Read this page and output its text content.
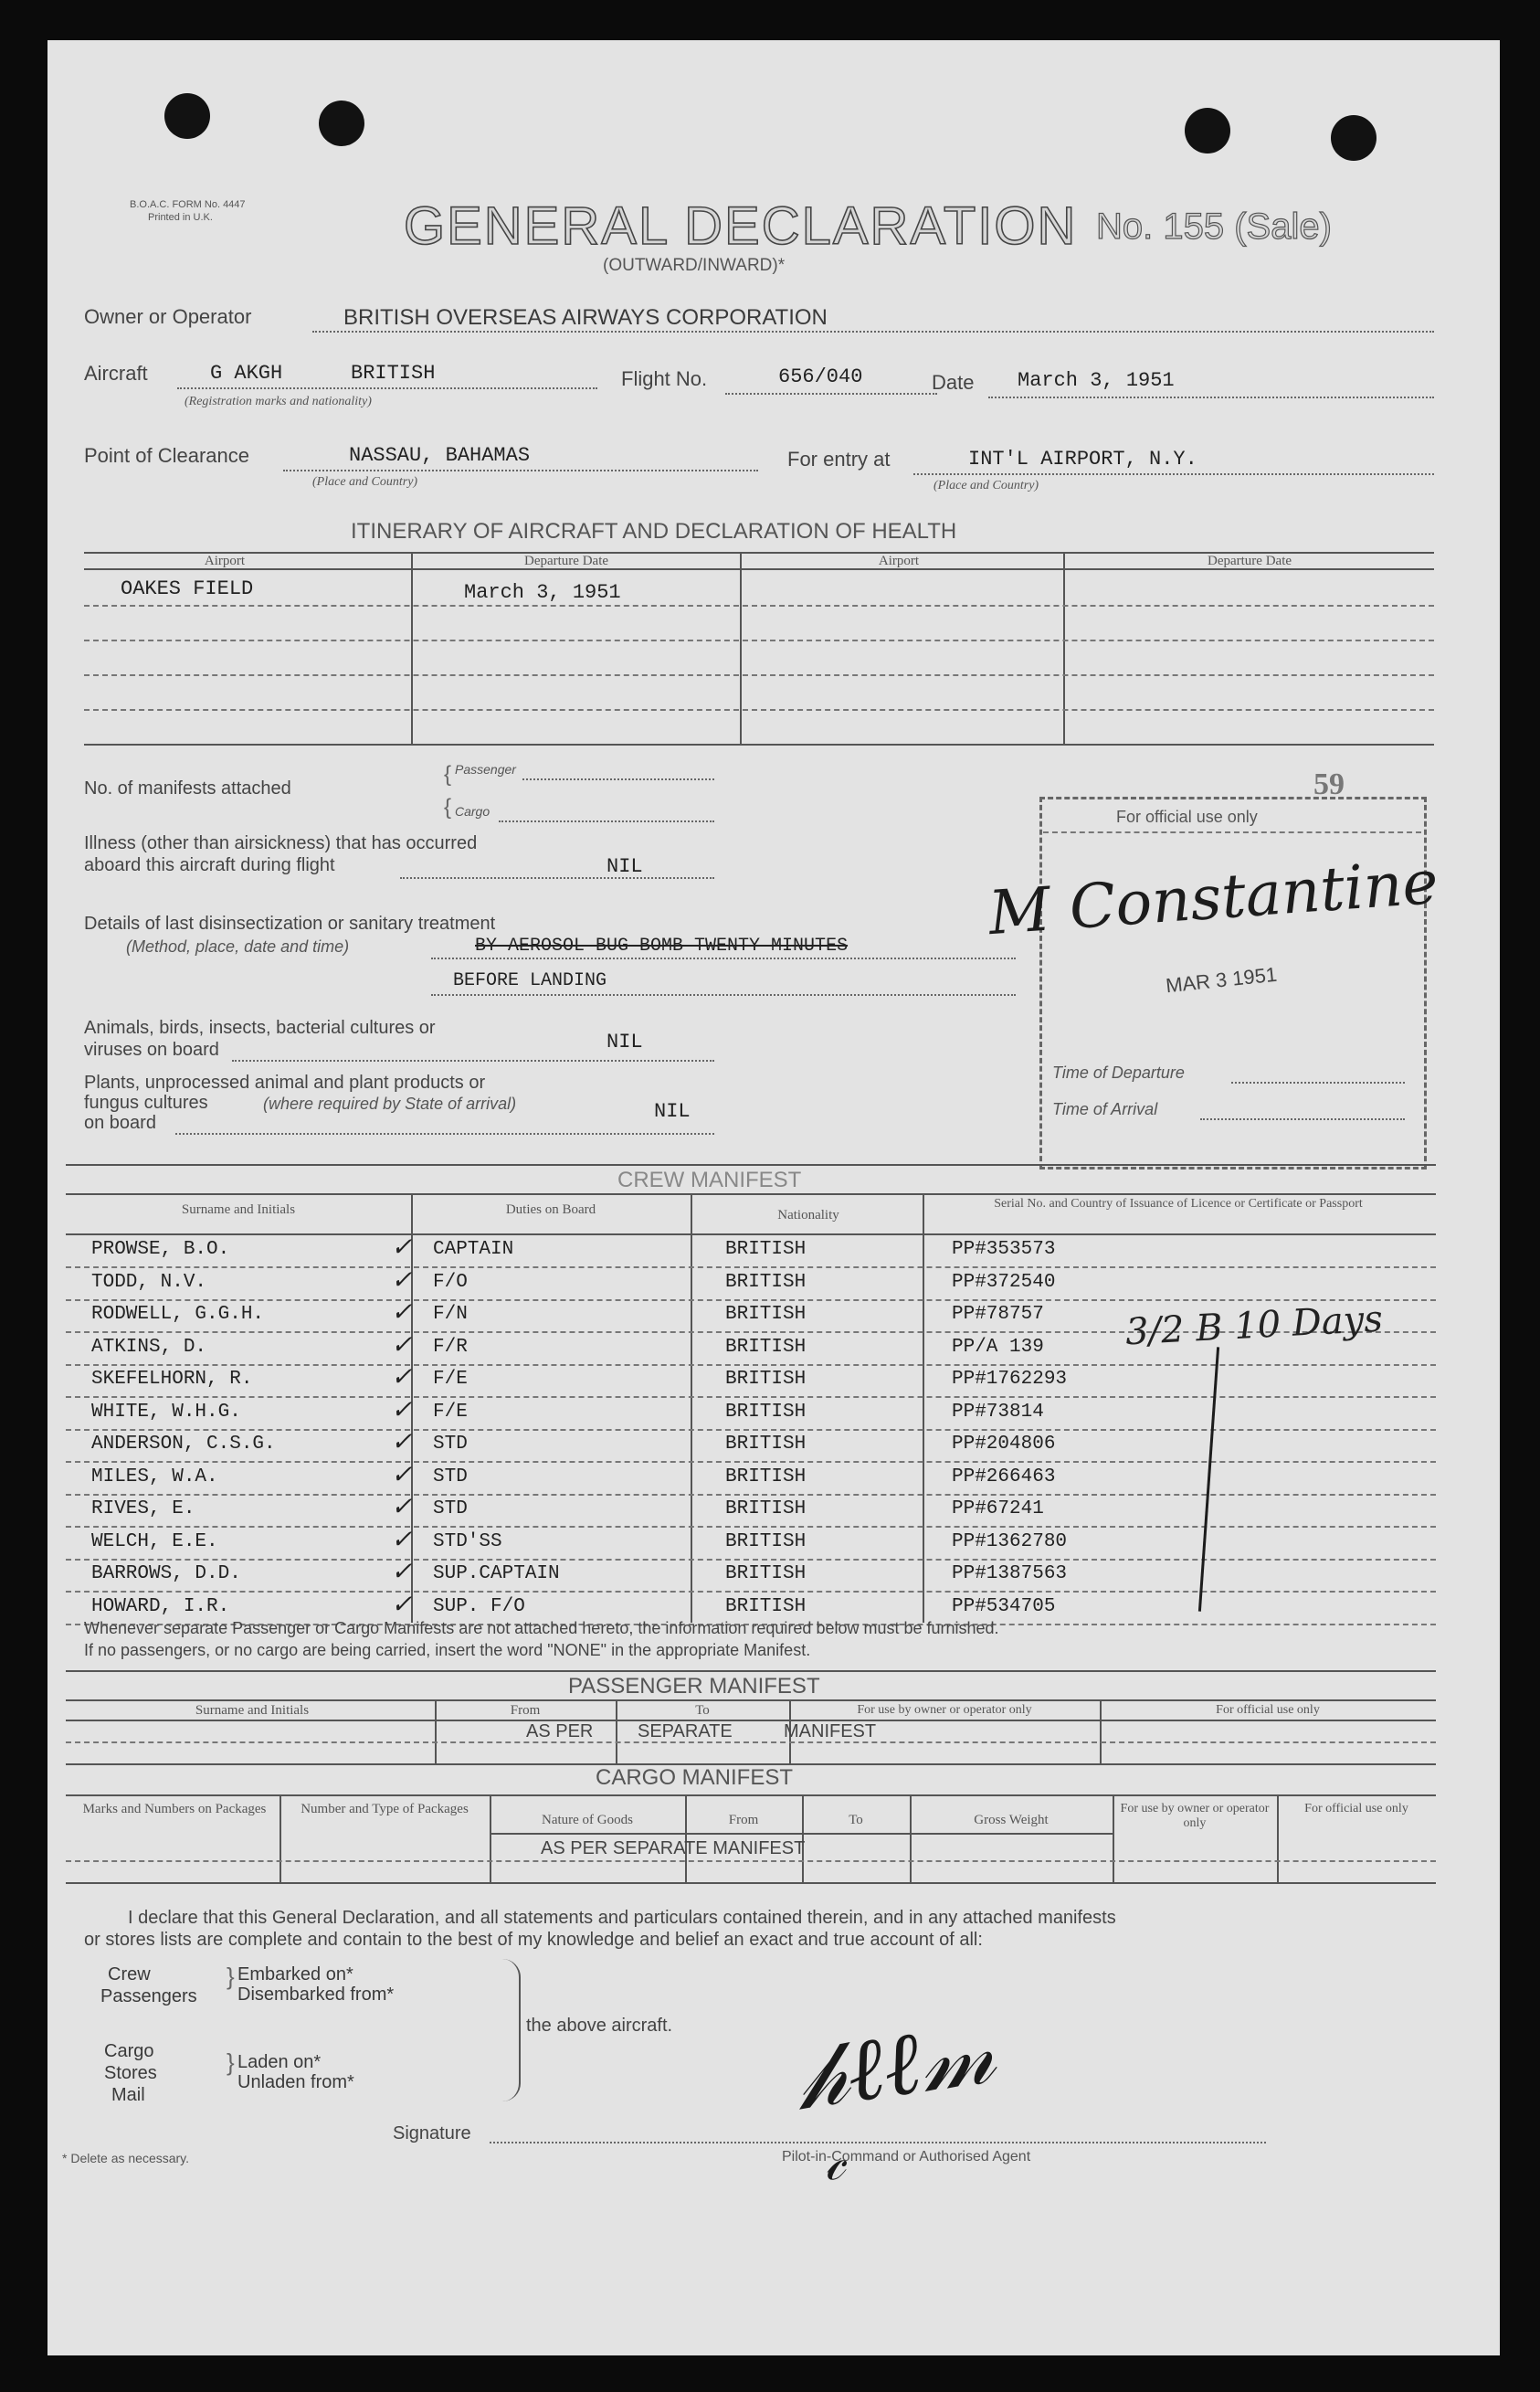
B.O.A.C. FORM No. 4447
Printed in U.K.	GENERAL DECLARATION No. 155 (Sale)
(OUTWARD/INWARD)*
Owner or Operator	BRITISH OVERSEAS AIRWAYS CORPORATION
Aircraft	G AKGH	BRITISH
(Registration marks and nationality)
Flight No.	656/040	Date March 3, 1951
Point of Clearance	NASSAU, BAHAMAS
(Place and Country)
For entry at	INT'L AIRPORT, N.Y.
(Place and Country)
ITINERARY OF AIRCRAFT AND DECLARATION OF HEALTH
Airport	Departure Date	Airport	Departure Date
OAKES FIELD	March 3, 1951
No. of manifests attached
{
{
Passenger
Cargo
Illness (other than airsickness) that has occurred
aboard this aircraft during flight	NIL
Details of last disinsectization or sanitary treatment
(Method, place, date and time)	BY AEROSOL BUG BOMB TWENTY MINUTES
BEFORE LANDING
Animals, birds, insects, bacterial cultures or
viruses on board	NIL
Plants, unprocessed animal and plant products or
fungus cultures	(where required by State of arrival)
on board	NIL
59
For official use only
M Constantine
MAR 3 1951
Time of Departure
Time of Arrival
CREW MANIFEST
Surname and Initials	Duties on Board	Nationality
Serial No. and Country of Issuance of Licence or Certificate or Passport
PROWSE, B.O.	✓ CAPTAIN	BRITISH	PP#353573
TODD, N.V.	✓ F/O	BRITISH	PP#372540
RODWELL, G.G.H.	✓ F/N	BRITISH	PP#78757
ATKINS, D.	✓ F/R	BRITISH	PP/A 139
SKEFELHORN, R.	✓ F/E	BRITISH	PP#1762293
WHITE, W.H.G.	✓ F/E	BRITISH	PP#73814
ANDERSON, C.S.G.	✓ STD	BRITISH	PP#204806
MILES, W.A.	✓ STD	BRITISH	PP#266463
RIVES, E.	✓ STD	BRITISH	PP#67241
WELCH, E.E.	✓ STD'SS	BRITISH	PP#1362780
BARROWS, D.D.	✓ SUP.CAPTAIN	BRITISH	PP#1387563
HOWARD, I.R.	✓ SUP. F/O	BRITISH	PP#534705
3/2 B 10 Days
Whenever separate Passenger or Cargo Manifests are not attached hereto, the information required below must be furnished.
If no passengers, or no cargo are being carried, insert the word "NONE" in the appropriate Manifest.
PASSENGER MANIFEST
Surname and Initials	From	To	For use by owner or operator only	For official use only
AS PER SEPARATE	MANIFEST
CARGO MANIFEST
Marks and Numbers on Packages	Number and Type of Packages
Nature of Goods	From	To	Gross Weight
For use by owner or operator only
For official use only
AS PER SEPARATE MANIFEST
I declare that this General Declaration, and all statements and particulars contained therein, and in any attached manifests
or stores lists are complete and contain to the best of my knowledge and belief an exact and true account of all:
Crew
Passengers
} Embarked on*
Disembarked from*
Cargo
Stores
Mail
} Laden on*
Unladen from*
the above aircraft.
Signature
𝒽ℓℓ𝓂
𝒸
Pilot-in-Command or Authorised Agent
* Delete as necessary.
